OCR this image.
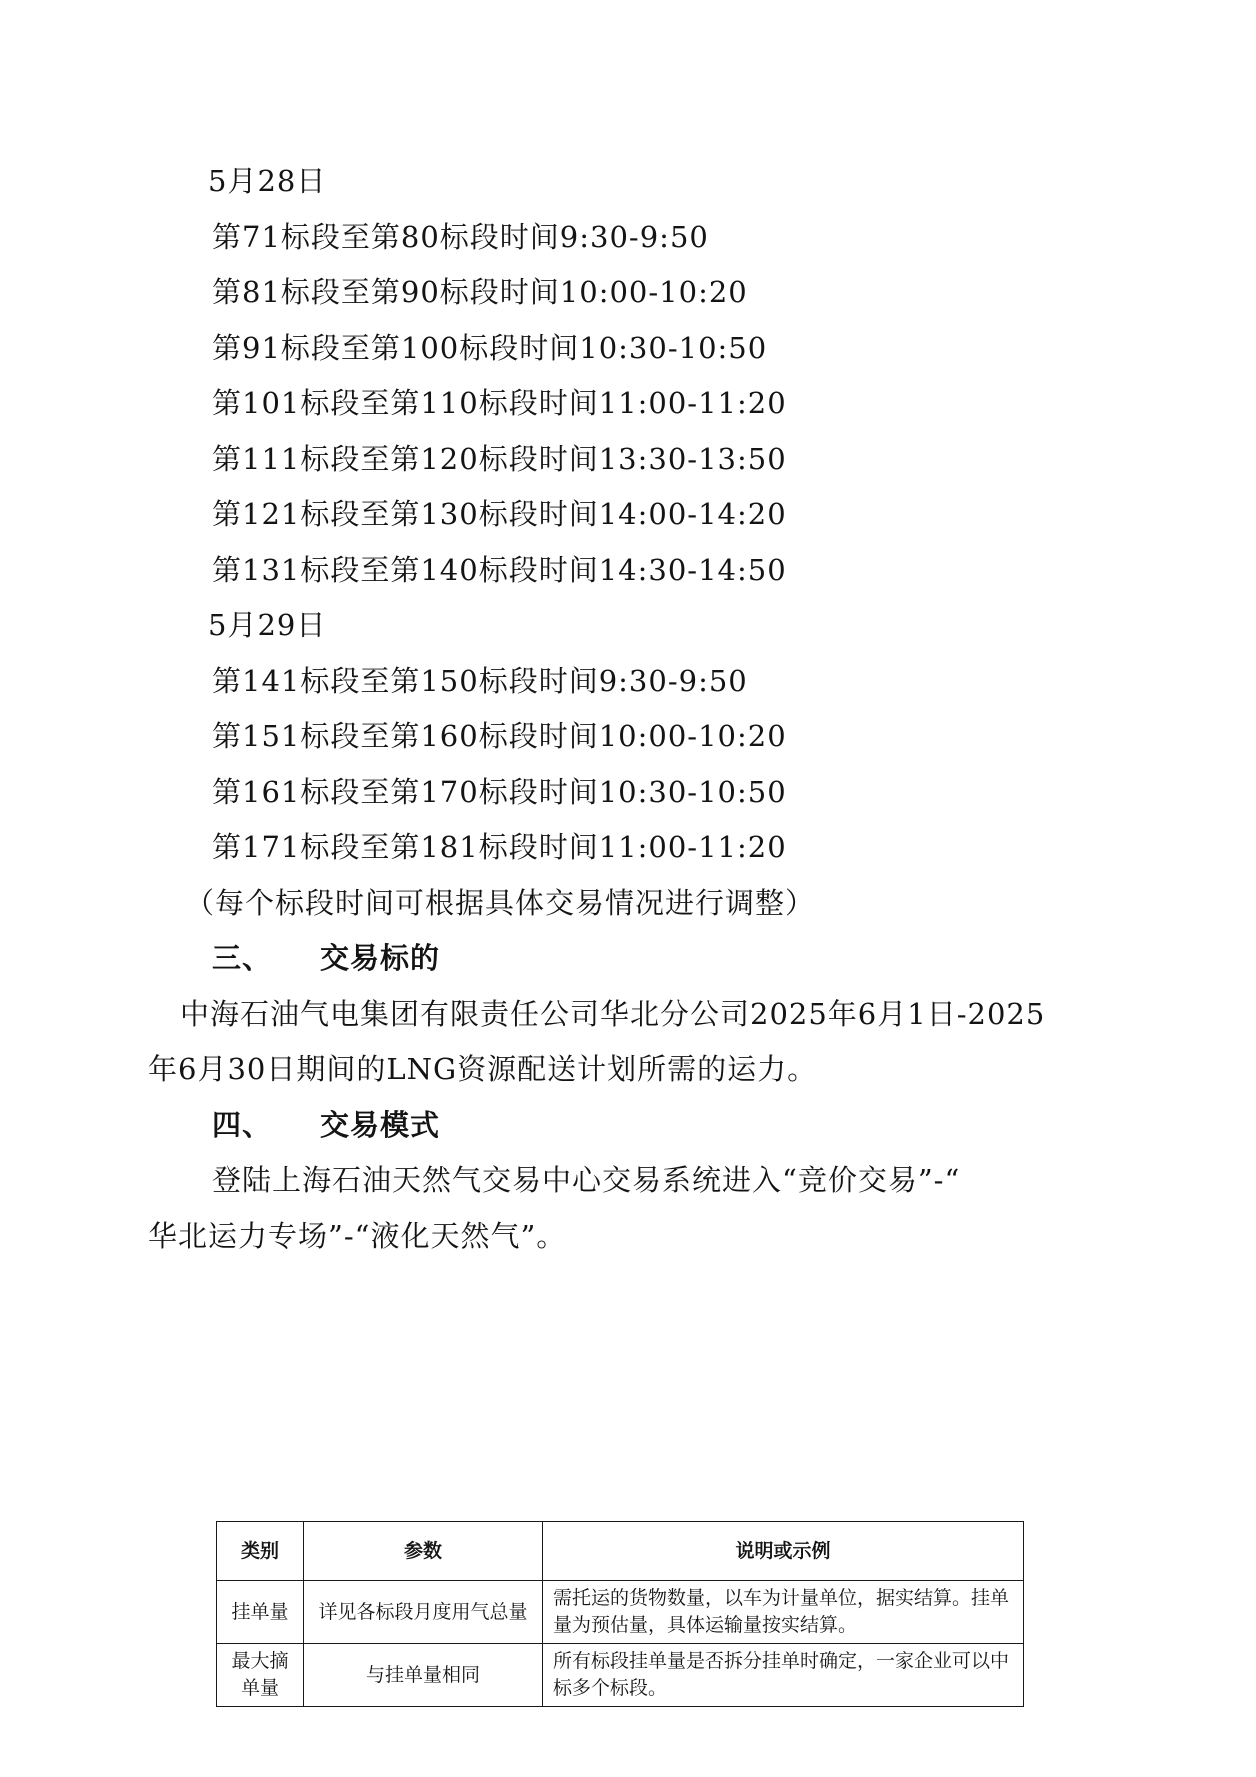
5月28日
第71标段至第80标段时间9:30-9:50
第81标段至第90标段时间10:00-10:20
第91标段至第100标段时间10:30-10:50
第101标段至第110标段时间11:00-11:20
第111标段至第120标段时间13:30-13:50
第121标段至第130标段时间14:00-14:20
第131标段至第140标段时间14:30-14:50
5月29日
第141标段至第150标段时间9:30-9:50
第151标段至第160标段时间10:00-10:20
第161标段至第170标段时间10:30-10:50
第171标段至第181标段时间11:00-11:20
（每个标段时间可根据具体交易情况进行调整）
三、 交易标的
中海石油气电集团有限责任公司华北分公司2025年6月1日-2025
年6月30日期间的LNG资源配送计划所需的运力。
四、 交易模式
登陆上海石油天然气交易中心交易系统进入“竞价交易”-“
华北运力专场”-“液化天然气”。
类别	参数	说明或示例
挂单量	详见各标段月度用气总量	需托运的货物数量，以车为计量单位，据实结算。挂单量为预估量，具体运输量按实结算。
最大摘单量	与挂单量相同	所有标段挂单量是否拆分挂单时确定，一家企业可以中标多个标段。
